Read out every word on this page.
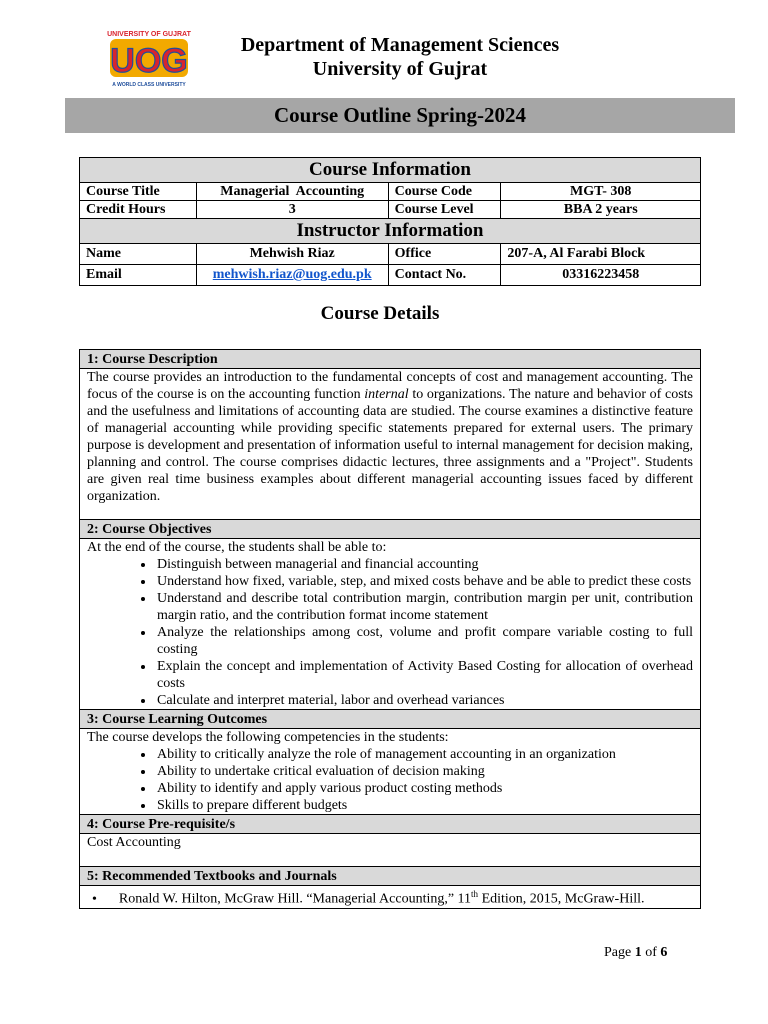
UNIVERSITY OF GUJRAT
UOG
A WORLD CLASS UNIVERSITY
Department of Management Sciences
University of Gujrat
Course Outline Spring-2024
Course Information			
Course Title	Managerial  Accounting	Course Code	MGT- 308
Credit Hours	3	Course Level	BBA 2 years
Instructor Information			
Name	Mehwish Riaz	Office	207-A, Al Farabi Block
Email	mehwish.riaz@uog.edu.pk	Contact No.	03316223458
Course Details
1: Course Description
The course provides an introduction to the fundamental concepts of cost and management accounting. The focus of the course is on the accounting function internal to organizations. The nature and behavior of costs and the usefulness and limitations of accounting data are studied. The course examines a distinctive feature of managerial accounting while providing specific statements prepared for external users. The primary purpose is development and presentation of information useful to internal management for decision making, planning and control. The course comprises didactic lectures, three assignments and a "Project". Students are given real time business examples about different managerial accounting issues faced by different organization.
2: Course Objectives

At the end of the course, the students shall be able to:
• Distinguish between managerial and financial accounting
• Understand how fixed, variable, step, and mixed costs behave and be able to predict these costs
• Understand and describe total contribution margin, contribution margin per unit, contribution margin ratio, and the contribution format income statement
• Analyze the relationships among cost, volume and profit compare variable costing to full costing
• Explain the concept and implementation of Activity Based Costing for allocation of overhead costs
• Calculate and interpret material, labor and overhead variances

3: Course Learning Outcomes

The course develops the following competencies in the students:
• Ability to critically analyze the role of management accounting in an organization
• Ability to undertake critical evaluation of decision making
• Ability to identify and apply various product costing methods
• Skills to prepare different budgets

4: Course Pre-requisite/s
Cost Accounting
5: Recommended Textbooks and Journals
• Ronald W. Hilton, McGraw Hill. “Managerial Accounting,” 11th Edition, 2015, McGraw-Hill.
Page 1 of 6
